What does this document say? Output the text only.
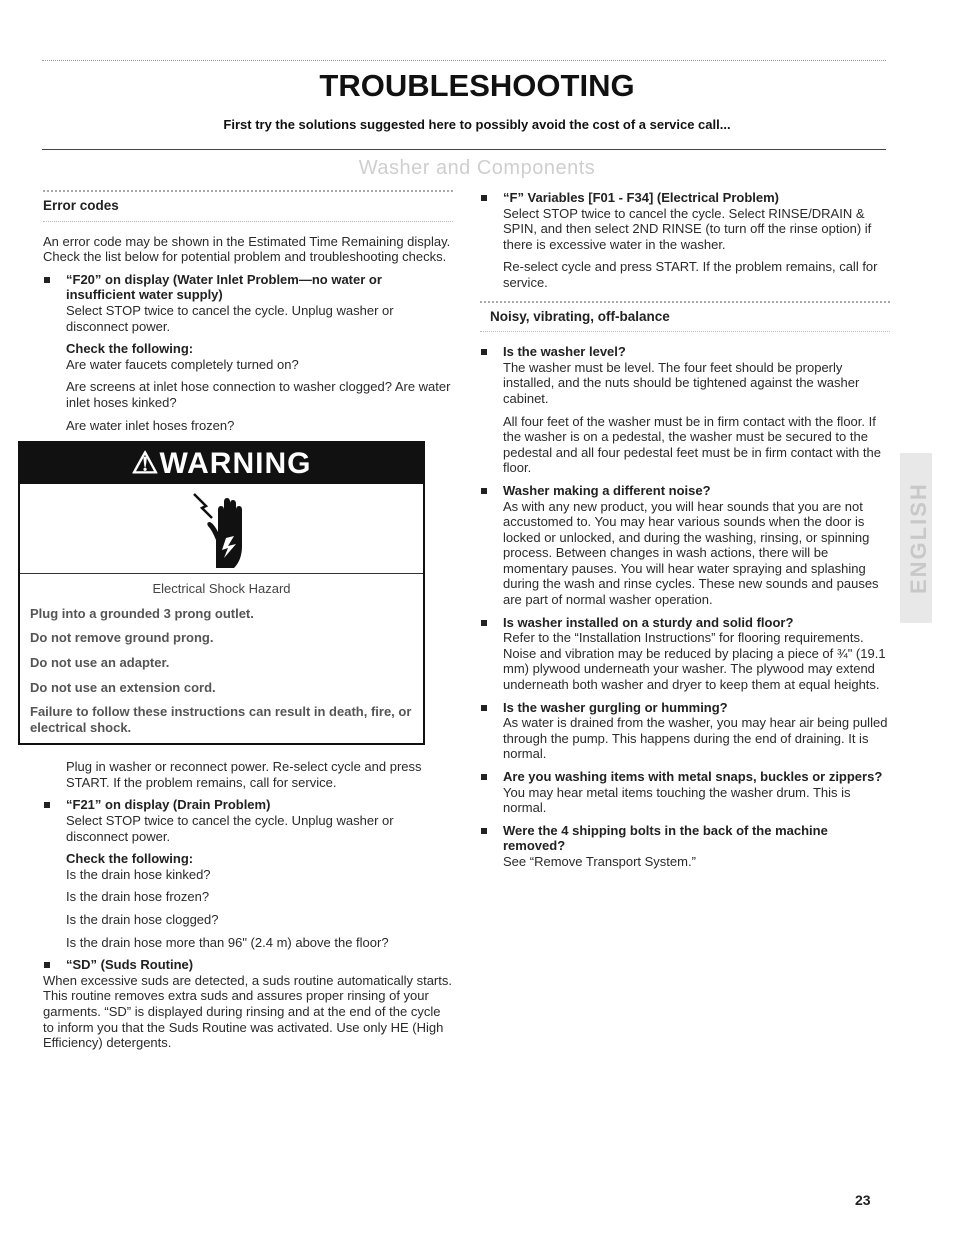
TROUBLESHOOTING
First try the solutions suggested here to possibly avoid the cost of a service call...
Washer and Components
Error codes

An error code may be shown in the Estimated Time Remaining display. Check the list below for potential problem and troubleshooting checks.

“F20” on display (Water Inlet Problem—no water or insufficient water supply)
Select STOP twice to cancel the cycle. Unplug washer or disconnect power.
Check the following:

Are water faucets completely turned on?

Are screens at inlet hose connection to washer clogged? Are water inlet hoses kinked?

Are water inlet hoses frozen?

⚠WARNING
Electrical Shock Hazard
Plug into a grounded 3 prong outlet.
Do not remove ground prong.
Do not use an adapter.
Do not use an extension cord.
Failure to follow these instructions can result in death, fire, or electrical shock.

Plug in washer or reconnect power. Re-select cycle and press START. If the problem remains, call for service.

“F21” on display (Drain Problem)
Select STOP twice to cancel the cycle. Unplug washer or disconnect power.
Check the following:

Is the drain hose kinked?

Is the drain hose frozen?

Is the drain hose clogged?

Is the drain hose more than 96" (2.4 m) above the floor?

“SD” (Suds Routine)

When excessive suds are detected, a suds routine automatically starts. This routine removes extra suds and assures proper rinsing of your garments. “SD” is displayed during rinsing and at the end of the cycle to inform you that the Suds Routine was activated. Use only HE (High Efficiency) detergents.

“F” Variables [F01 - F34] (Electrical Problem)
Select STOP twice to cancel the cycle. Select RINSE/DRAIN & SPIN, and then select 2ND RINSE (to turn off the rinse option) if there is excessive water in the washer.

Re-select cycle and press START. If the problem remains, call for service.

Noisy, vibrating, off-balance
Is the washer level?

The washer must be level. The four feet should be properly installed, and the nuts should be tightened against the washer cabinet.

All four feet of the washer must be in firm contact with the floor. If the washer is on a pedestal, the washer must be secured to the pedestal and all four pedestal feet must be in firm contact with the floor.

Washer making a different noise?

As with any new product, you will hear sounds that you are not accustomed to. You may hear various sounds when the door is locked or unlocked, and during the washing, rinsing, or spinning process. Between changes in wash actions, there will be momentary pauses. You will hear water spraying and splashing during the wash and rinse cycles. These new sounds and pauses are part of normal washer operation.

Is washer installed on a sturdy and solid floor?

Refer to the “Installation Instructions” for flooring requirements. Noise and vibration may be reduced by placing a piece of ¾" (19.1 mm) plywood underneath your washer. The plywood may extend underneath both washer and dryer to keep them at equal heights.

Is the washer gurgling or humming?

As water is drained from the washer, you may hear air being pulled through the pump. This happens during the end of draining. It is normal.

Are you washing items with metal snaps, buckles or zippers?

You may hear metal items touching the washer drum. This is normal.

Were the 4 shipping bolts in the back of the machine removed?

See “Remove Transport System.”

ENGLISH
23
